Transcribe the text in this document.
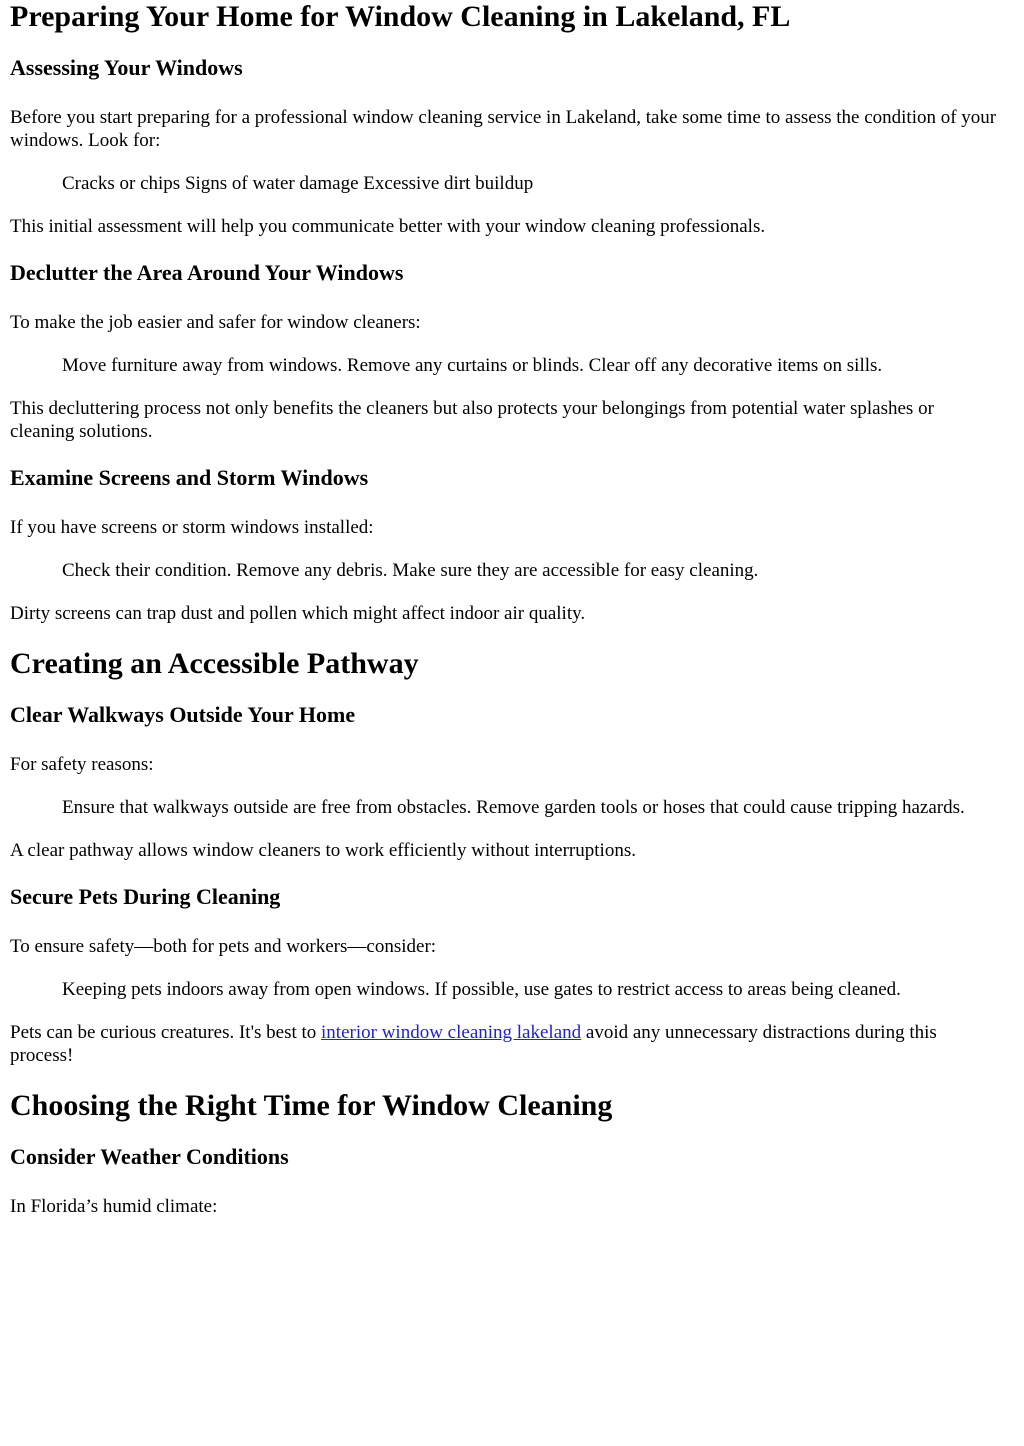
Preparing Your Home for Window Cleaning in Lakeland, FL
Assessing Your Windows

Before you start preparing for a professional window cleaning service in Lakeland, take some time to assess the condition of your windows. Look for:

Cracks or chips Signs of water damage Excessive dirt buildup

This initial assessment will help you communicate better with your window cleaning professionals.

Declutter the Area Around Your Windows

To make the job easier and safer for window cleaners:

Move furniture away from windows. Remove any curtains or blinds. Clear off any decorative items on sills.

This decluttering process not only benefits the cleaners but also protects your belongings from potential water splashes or cleaning solutions.

Examine Screens and Storm Windows

If you have screens or storm windows installed:

Check their condition. Remove any debris. Make sure they are accessible for easy cleaning.

Dirty screens can trap dust and pollen which might affect indoor air quality.

Creating an Accessible Pathway
Clear Walkways Outside Your Home

For safety reasons:

Ensure that walkways outside are free from obstacles. Remove garden tools or hoses that could cause tripping hazards.

A clear pathway allows window cleaners to work efficiently without interruptions.

Secure Pets During Cleaning

To ensure safety—both for pets and workers—consider:

Keeping pets indoors away from open windows. If possible, use gates to restrict access to areas being cleaned.

Pets can be curious creatures. It's best to interior window cleaning lakeland avoid any unnecessary distractions during this process!

Choosing the Right Time for Window Cleaning
Consider Weather Conditions

In Florida’s humid climate:
